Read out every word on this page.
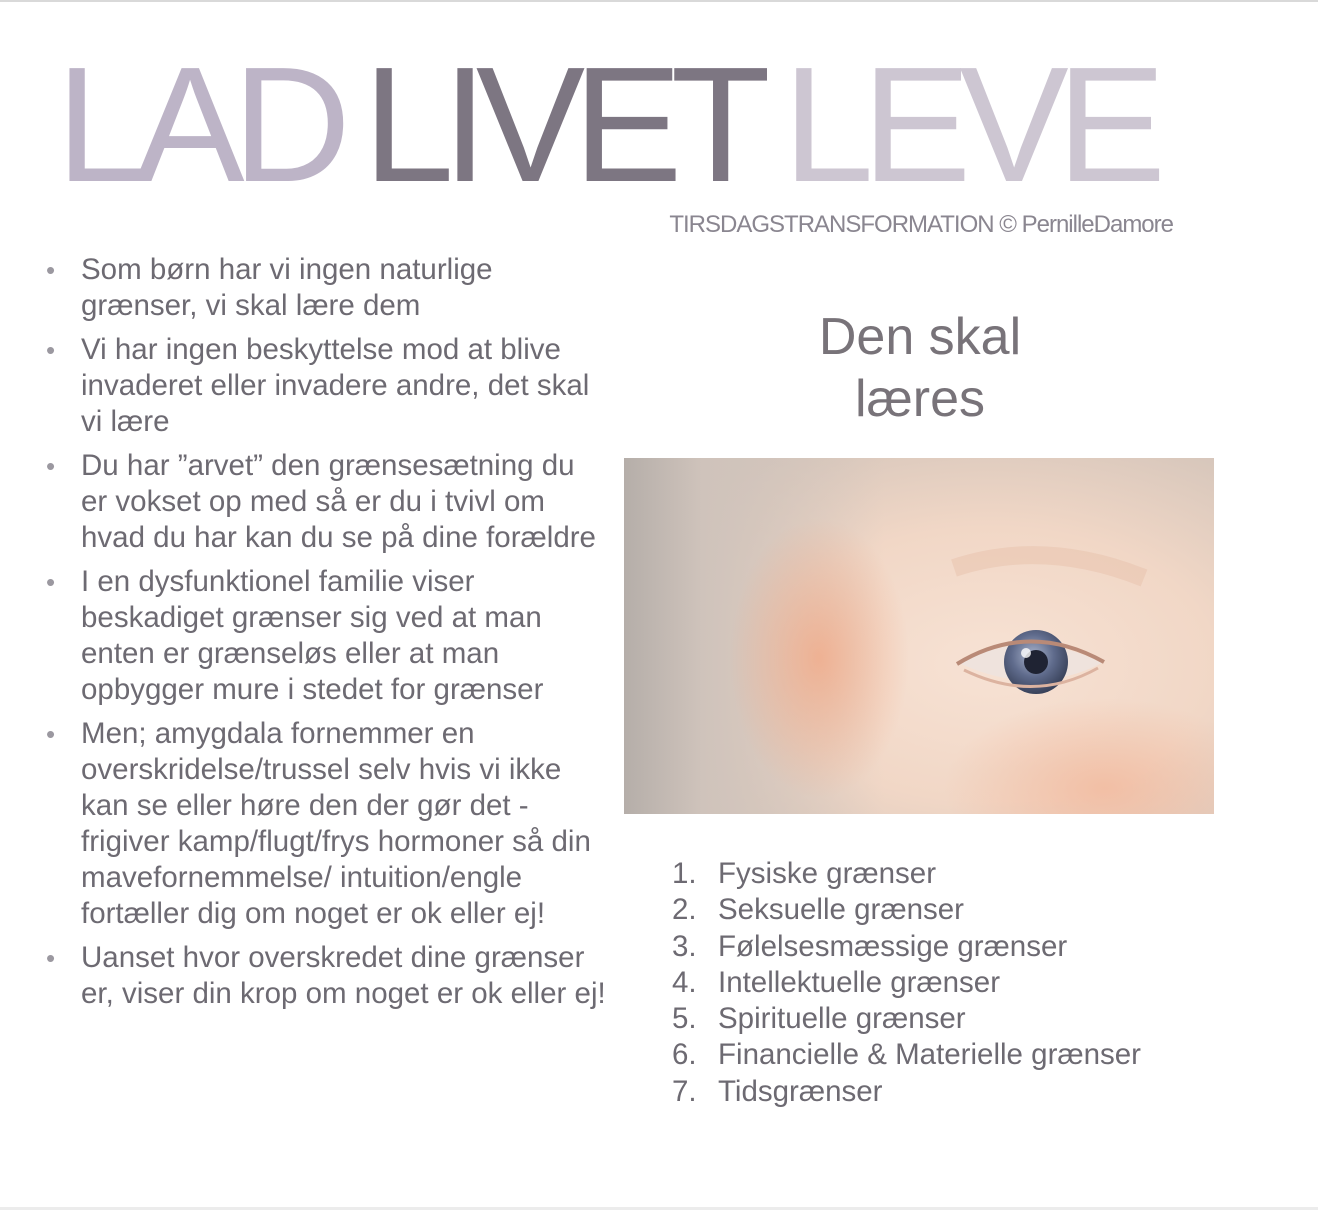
LAD LIVET LEVE
TIRSDAGSTRANSFORMATION © PernilleDamore
• Som børn har vi ingen naturlige grænser, vi skal lære dem
• Vi har ingen beskyttelse mod at blive invaderet eller invadere andre, det skal vi lære
• Du har ”arvet” den grænsesætning du er vokset op med så er du i tvivl om hvad du har kan du se på dine forældre
• I en dysfunktionel familie viser beskadiget grænser sig ved at man enten er grænseløs eller at man opbygger mure i stedet for grænser
• Men; amygdala fornemmer en overskridelse/trussel selv hvis vi ikke kan se eller høre den der gør det - frigiver kamp/flugt/frys hormoner så din mavefornemmelse/ intuition/engle fortæller dig om noget er ok eller ej!
• Uanset hvor overskredet dine grænser er, viser din krop om noget er ok eller ej!
Den skal
læres
1. Fysiske grænser
2. Seksuelle grænser
3. Følelsesmæssige grænser
4. Intellektuelle grænser
5. Spirituelle grænser
6. Financielle & Materielle grænser
7. Tidsgrænser
